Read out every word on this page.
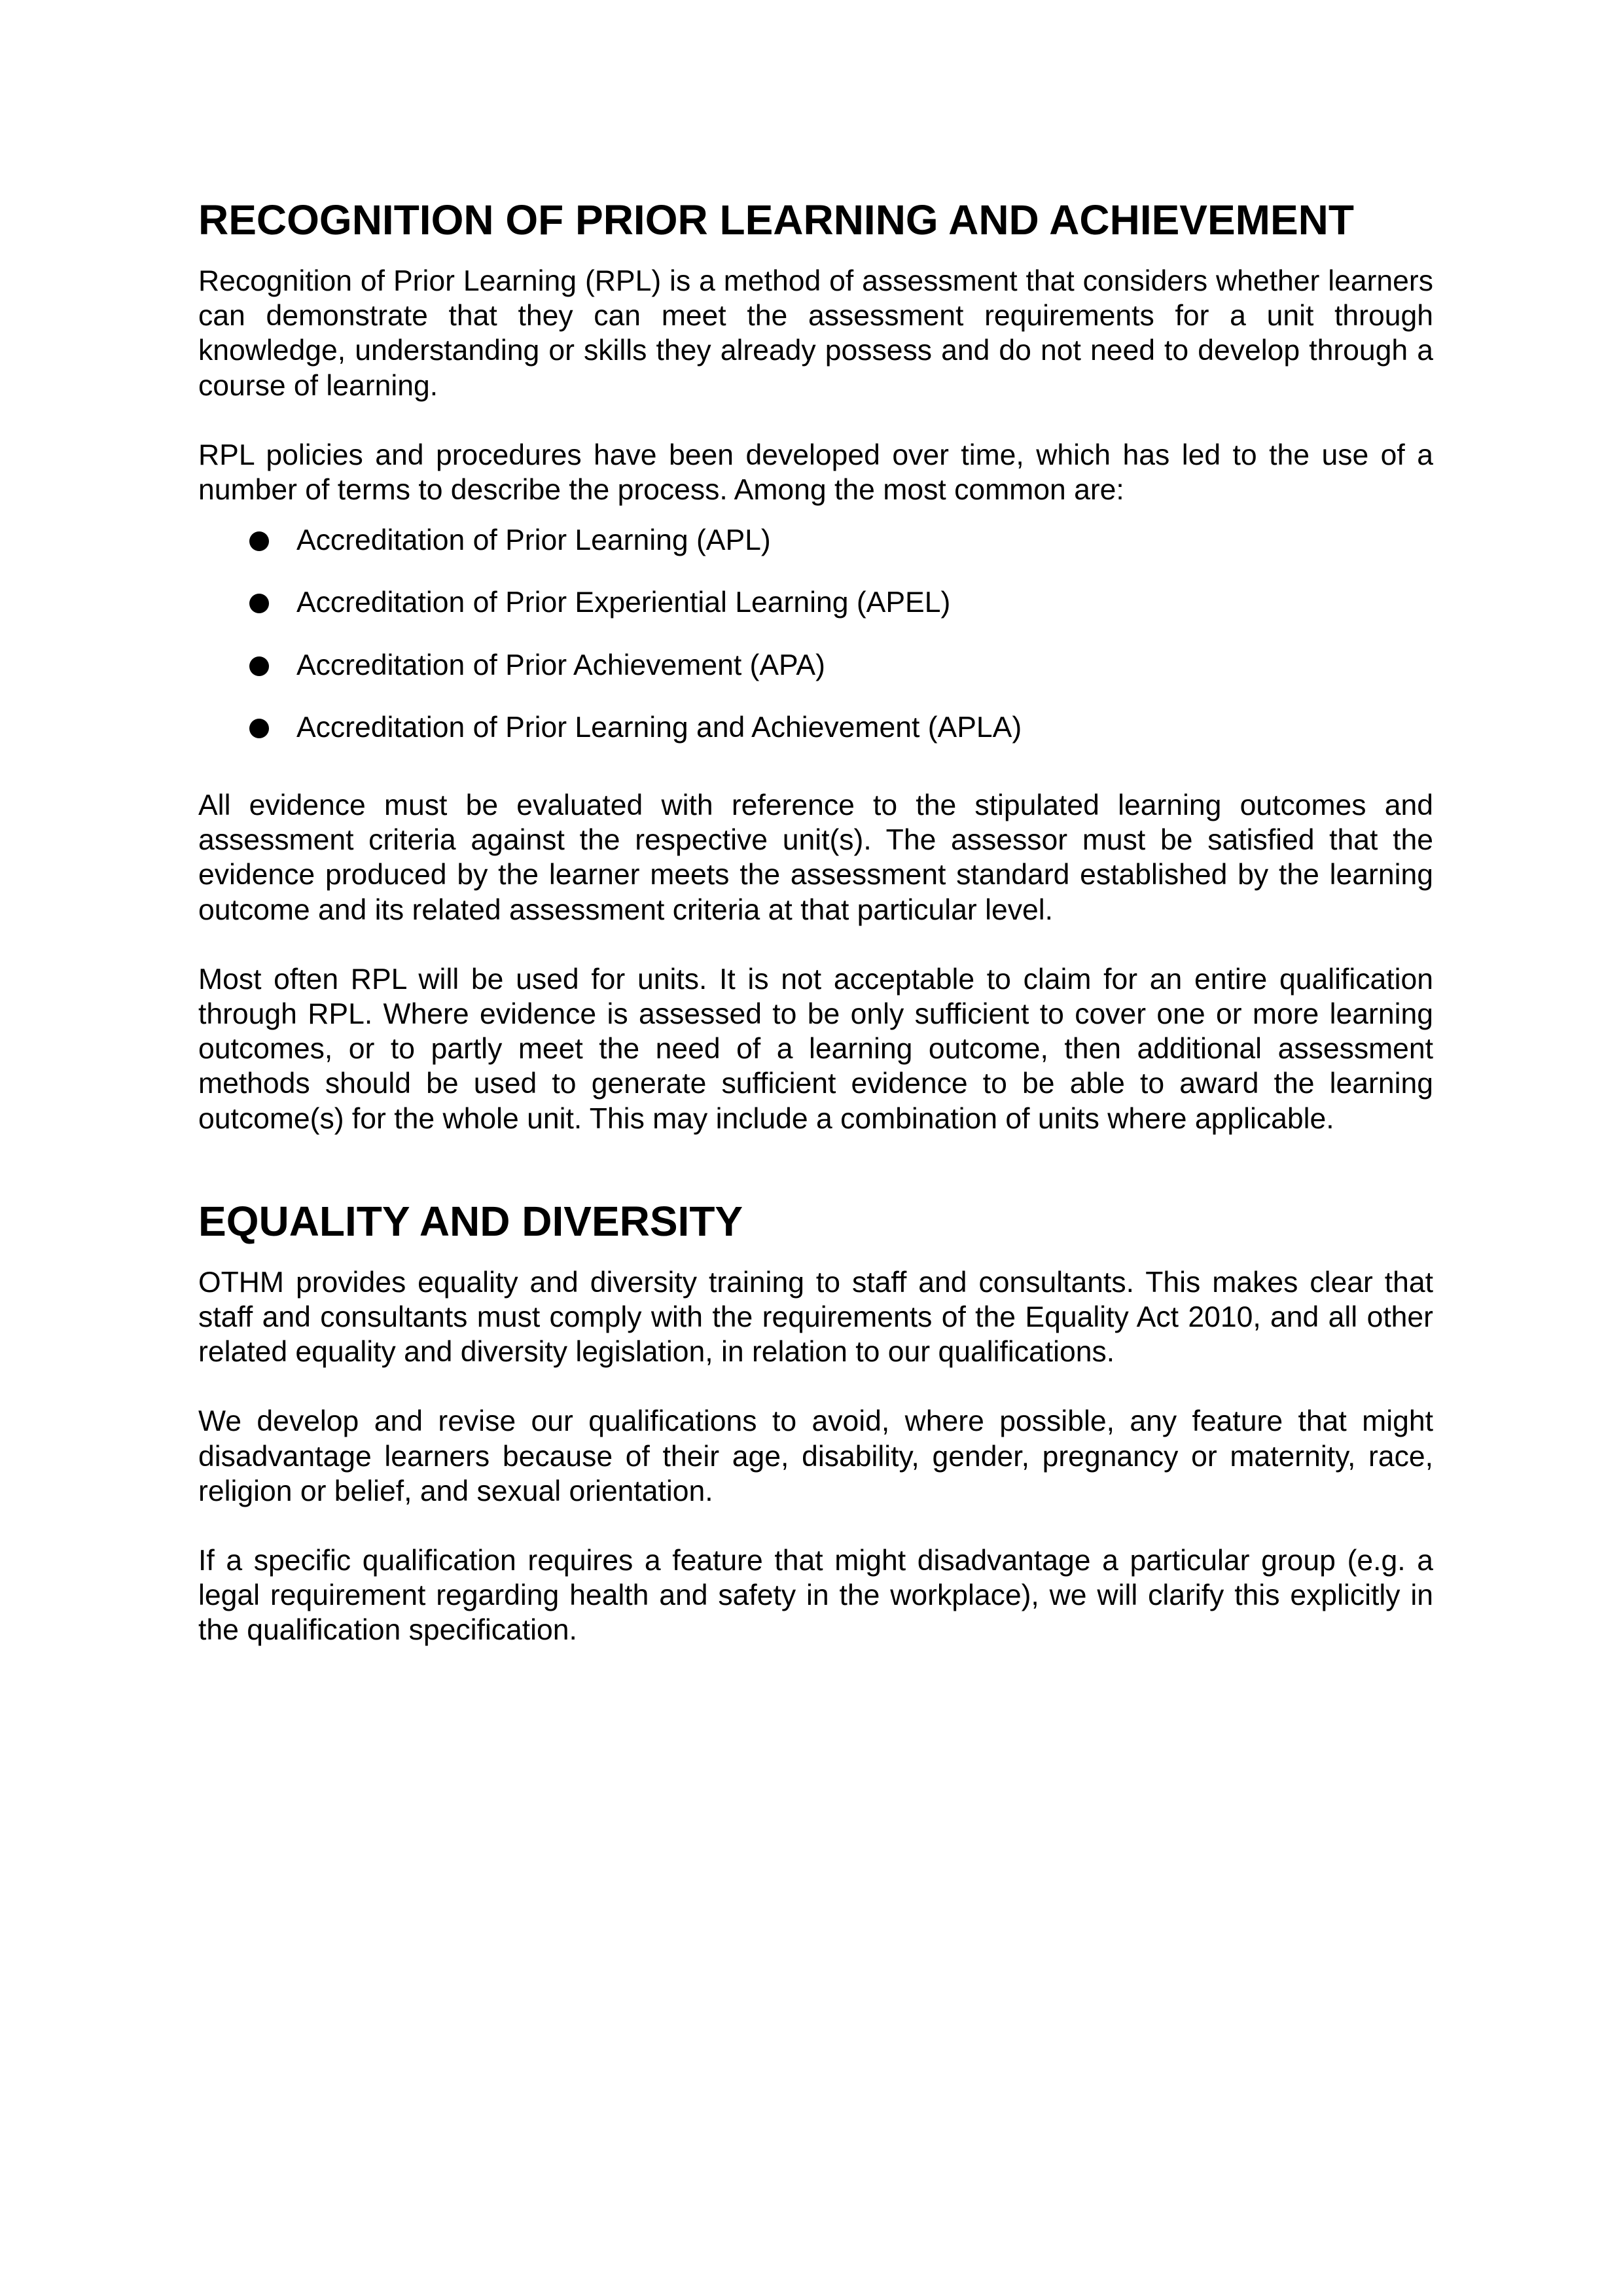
RECOGNITION OF PRIOR LEARNING AND ACHIEVEMENT

Recognition of Prior Learning (RPL) is a method of assessment that considers whether learners can demonstrate that they can meet the assessment requirements for a unit through knowledge, understanding or skills they already possess and do not need to develop through a course of learning.

RPL policies and procedures have been developed over time, which has led to the use of a number of terms to describe the process. Among the most common are:

Accreditation of Prior Learning (APL)
Accreditation of Prior Experiential Learning (APEL)
Accreditation of Prior Achievement (APA)
Accreditation of Prior Learning and Achievement (APLA)

All evidence must be evaluated with reference to the stipulated learning outcomes and assessment criteria against the respective unit(s). The assessor must be satisfied that the evidence produced by the learner meets the assessment standard established by the learning outcome and its related assessment criteria at that particular level.

Most often RPL will be used for units. It is not acceptable to claim for an entire qualification through RPL. Where evidence is assessed to be only sufficient to cover one or more learning outcomes, or to partly meet the need of a learning outcome, then additional assessment methods should be used to generate sufficient evidence to be able to award the learning outcome(s) for the whole unit. This may include a combination of units where applicable.

EQUALITY AND DIVERSITY

OTHM provides equality and diversity training to staff and consultants. This makes clear that staff and consultants must comply with the requirements of the Equality Act 2010, and all other related equality and diversity legislation, in relation to our qualifications.

We develop and revise our qualifications to avoid, where possible, any feature that might disadvantage learners because of their age, disability, gender, pregnancy or maternity, race, religion or belief, and sexual orientation.

If a specific qualification requires a feature that might disadvantage a particular group (e.g. a legal requirement regarding health and safety in the workplace), we will clarify this explicitly in the qualification specification.
